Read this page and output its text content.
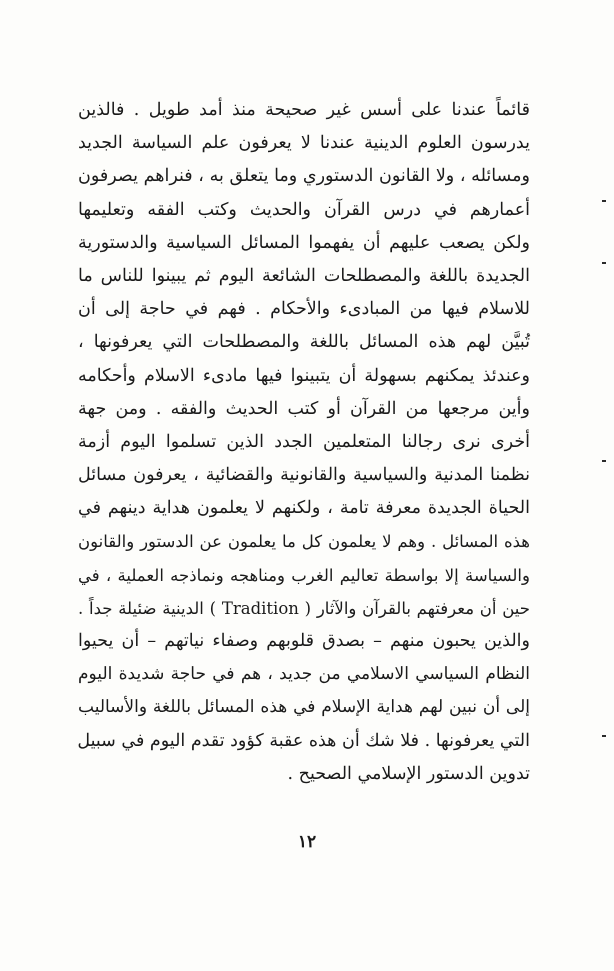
قائماً عندنا على أسس غير صحيحة منذ أمد طويل . فالذين
يدرسون العلوم الدينية عندنا لا يعرفون علم السياسة الجديد
ومسائله ، ولا القانون الدستوري وما يتعلق به ، فنراهم يصرفون
أعمارهم في درس القرآن والحديث وكتب الفقه وتعليمها
ولكن يصعب عليهم أن يفهموا المسائل السياسية والدستورية
الجديدة باللغة والمصطلحات الشائعة اليوم ثم يبينوا للناس ما
للاسلام فيها من المبادىء والأحكام . فهم في حاجة إلى أن
تُبيَّن لهم هذه المسائل باللغة والمصطلحات التي يعرفونها ،
وعندئذ يمكنهم بسهولة أن يتبينوا فيها مادىء الاسلام وأحكامه
وأين مرجعها من القرآن أو كتب الحديث والفقه . ومن جهة
أخرى نرى رجالنا المتعلمين الجدد الذين تسلموا اليوم أزمة
نظمنا المدنية والسياسية والقانونية والقضائية ، يعرفون مسائل
الحياة الجديدة معرفة تامة ، ولكنهم لا يعلمون هداية دينهم في
هذه المسائل . وهم لا يعلمون كل ما يعلمون عن الدستور والقانون
والسياسة إلا بواسطة تعاليم الغرب ومناهجه ونماذجه العملية ، في
حين أن معرفتهم بالقرآن والآثار ( Tradition ) الدينية ضئيلة جداً .
والذين يحبون منهم – بصدق قلوبهم وصفاء نياتهم – أن يحيوا
النظام السياسي الاسلامي من جديد ، هم في حاجة شديدة اليوم
إلى أن نبين لهم هداية الإسلام في هذه المسائل باللغة والأساليب
التي يعرفونها . فلا شك أن هذه عقبة كؤود تقدم اليوم في سبيل
تدوين الدستور الإسلامي الصحيح .
١٢
